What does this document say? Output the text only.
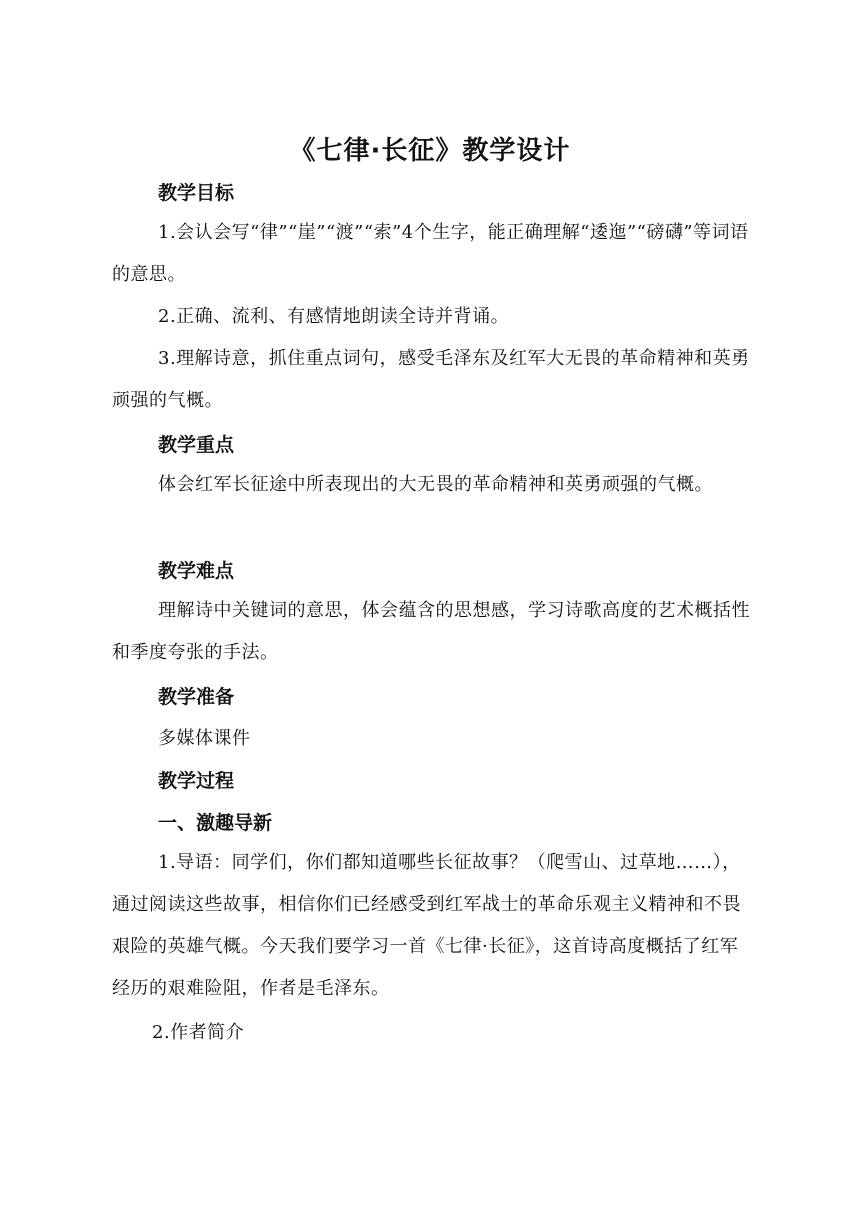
《七律·长征》教学设计
教学目标

1.会认会写“律”“崖”“渡”“索”4个生字，能正确理解“逶迤”“磅礴”等词语的意思。

2.正确、流利、有感情地朗读全诗并背诵。

3.理解诗意，抓住重点词句，感受毛泽东及红军大无畏的革命精神和英勇顽强的气概。

教学重点

体会红军长征途中所表现出的大无畏的革命精神和英勇顽强的气概。

教学难点

理解诗中关键词的意思，体会蕴含的思想感，学习诗歌高度的艺术概括性和季度夸张的手法。

教学准备
多媒体课件
教学过程
一、激趣导新

1.导语：同学们，你们都知道哪些长征故事？（爬雪山、过草地……），通过阅读这些故事，相信你们已经感受到红军战士的革命乐观主义精神和不畏艰险的英雄气概。今天我们要学习一首《七律·长征》，这首诗高度概括了红军经历的艰难险阻，作者是毛泽东。

2.作者简介
